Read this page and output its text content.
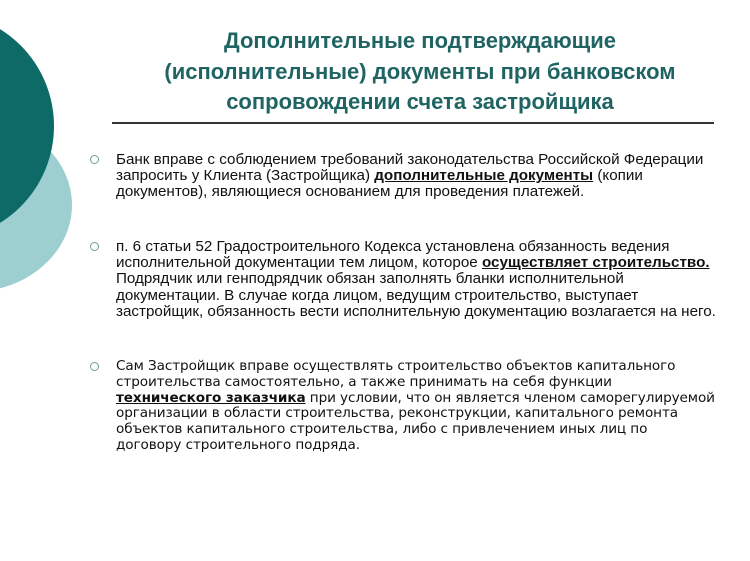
Дополнительные подтверждающие (исполнительные) документы при банковском сопровождении счета застройщика
Банк вправе с соблюдением требований законодательства Российской Федерации запросить у Клиента (Застройщика) дополнительные документы (копии документов), являющиеся основанием для проведения платежей.
п. 6 статьи 52 Градостроительного Кодекса установлена обязанность ведения исполнительной документации тем лицом, которое осуществляет строительство. Подрядчик или генподрядчик обязан заполнять бланки исполнительной документации. В случае когда лицом, ведущим строительство, выступает застройщик, обязанность вести исполнительную документацию возлагается на него.
Сам Застройщик вправе осуществлять строительство объектов капитального строительства самостоятельно, а также принимать на себя функции технического заказчика при условии, что он является членом саморегулируемой организации в области строительства, реконструкции, капитального ремонта объектов капитального строительства, либо с привлечением иных лиц по договору строительного подряда.
